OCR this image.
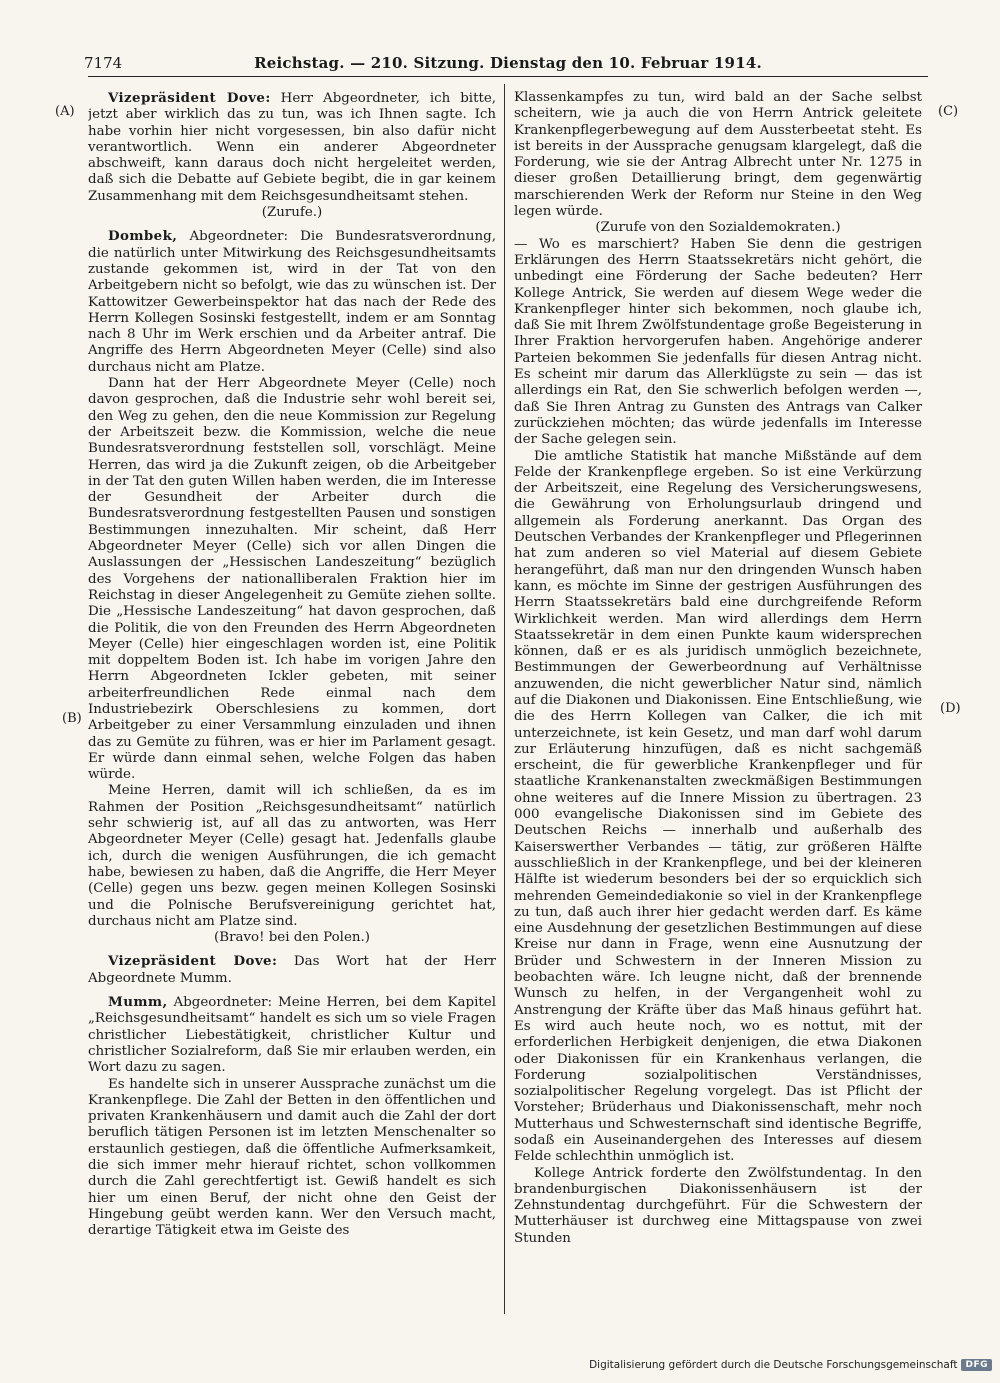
7174	Reichstag. — 210. Sitzung. Dienstag den 10. Februar 1914.
(A)
(B)
(C)
(D)

Vizepräsident Dove: Herr Abgeordneter, ich bitte, jetzt aber wirklich das zu tun, was ich Ihnen sagte. Ich habe vorhin hier nicht vorgesessen, bin also dafür nicht verantwortlich. Wenn ein anderer Abgeordneter abschweift, kann daraus doch nicht hergeleitet werden, daß sich die Debatte auf Gebiete begibt, die in gar keinem Zusammenhang mit dem Reichsgesundheitsamt stehen.

(Zurufe.)

Dombek, Abgeordneter: Die Bundesratsverordnung, die natürlich unter Mitwirkung des Reichsgesundheitsamts zustande gekommen ist, wird in der Tat von den Arbeitgebern nicht so befolgt, wie das zu wünschen ist. Der Kattowitzer Gewerbeinspektor hat das nach der Rede des Herrn Kollegen Sosinski festgestellt, indem er am Sonntag nach 8 Uhr im Werk erschien und da Arbeiter antraf. Die Angriffe des Herrn Abgeordneten Meyer (Celle) sind also durchaus nicht am Platze.

Dann hat der Herr Abgeordnete Meyer (Celle) noch davon gesprochen, daß die Industrie sehr wohl bereit sei, den Weg zu gehen, den die neue Kommission zur Regelung der Arbeitszeit bezw. die Kommission, welche die neue Bundesratsverordnung feststellen soll, vorschlägt. Meine Herren, das wird ja die Zukunft zeigen, ob die Arbeitgeber in der Tat den guten Willen haben werden, die im Interesse der Gesundheit der Arbeiter durch die Bundesratsverordnung festgestellten Pausen und sonstigen Bestimmungen innezuhalten. Mir scheint, daß Herr Abgeordneter Meyer (Celle) sich vor allen Dingen die Auslassungen der „Hessischen Landeszeitung“ bezüglich des Vorgehens der nationalliberalen Fraktion hier im Reichstag in dieser Angelegenheit zu Gemüte ziehen sollte. Die „Hessische Landeszeitung“ hat davon gesprochen, daß die Politik, die von den Freunden des Herrn Abgeordneten Meyer (Celle) hier eingeschlagen worden ist, eine Politik mit doppeltem Boden ist. Ich habe im vorigen Jahre den Herrn Abgeordneten Ickler gebeten, mit seiner arbeiterfreundlichen Rede einmal nach dem Industriebezirk Oberschlesiens zu kommen, dort Arbeitgeber zu einer Versammlung einzuladen und ihnen das zu Gemüte zu führen, was er hier im Parlament gesagt. Er würde dann einmal sehen, welche Folgen das haben würde.

Meine Herren, damit will ich schließen, da es im Rahmen der Position „Reichsgesundheitsamt“ natürlich sehr schwierig ist, auf all das zu antworten, was Herr Abgeordneter Meyer (Celle) gesagt hat. Jedenfalls glaube ich, durch die wenigen Ausführungen, die ich gemacht habe, bewiesen zu haben, daß die Angriffe, die Herr Meyer (Celle) gegen uns bezw. gegen meinen Kollegen Sosinski und die Polnische Berufsvereinigung gerichtet hat, durchaus nicht am Platze sind.

(Bravo! bei den Polen.)

Vizepräsident Dove: Das Wort hat der Herr Abgeordnete Mumm.

Mumm, Abgeordneter: Meine Herren, bei dem Kapitel „Reichsgesundheitsamt“ handelt es sich um so viele Fragen christlicher Liebestätigkeit, christlicher Kultur und christlicher Sozialreform, daß Sie mir erlauben werden, ein Wort dazu zu sagen.

Es handelte sich in unserer Aussprache zunächst um die Krankenpflege. Die Zahl der Betten in den öffentlichen und privaten Krankenhäusern und damit auch die Zahl der dort beruflich tätigen Personen ist im letzten Menschenalter so erstaunlich gestiegen, daß die öffentliche Aufmerksamkeit, die sich immer mehr hierauf richtet, schon vollkommen durch die Zahl gerechtfertigt ist. Gewiß handelt es sich hier um einen Beruf, der nicht ohne den Geist der Hingebung geübt werden kann. Wer den Versuch macht, derartige Tätigkeit etwa im Geiste des

Klassenkampfes zu tun, wird bald an der Sache selbst scheitern, wie ja auch die von Herrn Antrick geleitete Krankenpflegerbewegung auf dem Aussterbeetat steht. Es ist bereits in der Aussprache genugsam klargelegt, daß die Forderung, wie sie der Antrag Albrecht unter Nr. 1275 in dieser großen Detaillierung bringt, dem gegenwärtig marschierenden Werk der Reform nur Steine in den Weg legen würde.

(Zurufe von den Sozialdemokraten.)

— Wo es marschiert? Haben Sie denn die gestrigen Erklärungen des Herrn Staatssekretärs nicht gehört, die unbedingt eine Förderung der Sache bedeuten? Herr Kollege Antrick, Sie werden auf diesem Wege weder die Krankenpfleger hinter sich bekommen, noch glaube ich, daß Sie mit Ihrem Zwölfstundentage große Begeisterung in Ihrer Fraktion hervorgerufen haben. Angehörige anderer Parteien bekommen Sie jedenfalls für diesen Antrag nicht. Es scheint mir darum das Allerklügste zu sein — das ist allerdings ein Rat, den Sie schwerlich befolgen werden —, daß Sie Ihren Antrag zu Gunsten des Antrags van Calker zurückziehen möchten; das würde jedenfalls im Interesse der Sache gelegen sein.

Die amtliche Statistik hat manche Mißstände auf dem Felde der Krankenpflege ergeben. So ist eine Verkürzung der Arbeitszeit, eine Regelung des Versicherungswesens, die Gewährung von Erholungsurlaub dringend und allgemein als Forderung anerkannt. Das Organ des Deutschen Verbandes der Krankenpfleger und Pflegerinnen hat zum anderen so viel Material auf diesem Gebiete herangeführt, daß man nur den dringenden Wunsch haben kann, es möchte im Sinne der gestrigen Ausführungen des Herrn Staatssekretärs bald eine durchgreifende Reform Wirklichkeit werden. Man wird allerdings dem Herrn Staatssekretär in dem einen Punkte kaum widersprechen können, daß er es als juridisch unmöglich bezeichnete, Bestimmungen der Gewerbeordnung auf Verhältnisse anzuwenden, die nicht gewerblicher Natur sind, nämlich auf die Diakonen und Diakonissen. Eine Entschließung, wie die des Herrn Kollegen van Calker, die ich mit unterzeichnete, ist kein Gesetz, und man darf wohl darum zur Erläuterung hinzufügen, daß es nicht sachgemäß erscheint, die für gewerbliche Krankenpfleger und für staatliche Krankenanstalten zweckmäßigen Bestimmungen ohne weiteres auf die Innere Mission zu übertragen. 23 000 evangelische Diakonissen sind im Gebiete des Deutschen Reichs — innerhalb und außerhalb des Kaiserswerther Verbandes — tätig, zur größeren Hälfte ausschließlich in der Krankenpflege, und bei der kleineren Hälfte ist wiederum besonders bei der so erquicklich sich mehrenden Gemeindediakonie so viel in der Krankenpflege zu tun, daß auch ihrer hier gedacht werden darf. Es käme eine Ausdehnung der gesetzlichen Bestimmungen auf diese Kreise nur dann in Frage, wenn eine Ausnutzung der Brüder und Schwestern in der Inneren Mission zu beobachten wäre. Ich leugne nicht, daß der brennende Wunsch zu helfen, in der Vergangenheit wohl zu Anstrengung der Kräfte über das Maß hinaus geführt hat. Es wird auch heute noch, wo es nottut, mit der erforderlichen Herbigkeit denjenigen, die etwa Diakonen oder Diakonissen für ein Krankenhaus verlangen, die Forderung sozialpolitischen Verständnisses, sozialpolitischer Regelung vorgelegt. Das ist Pflicht der Vorsteher; Brüderhaus und Diakonissenschaft, mehr noch Mutterhaus und Schwesternschaft sind identische Begriffe, sodaß ein Auseinandergehen des Interesses auf diesem Felde schlechthin unmöglich ist.

Kollege Antrick forderte den Zwölfstundentag. In den brandenburgischen Diakonissenhäusern ist der Zehnstundentag durchgeführt. Für die Schwestern der Mutterhäuser ist durchweg eine Mittagspause von zwei Stunden

Digitalisierung gefördert durch die Deutsche Forschungsgemeinschaft DFG
